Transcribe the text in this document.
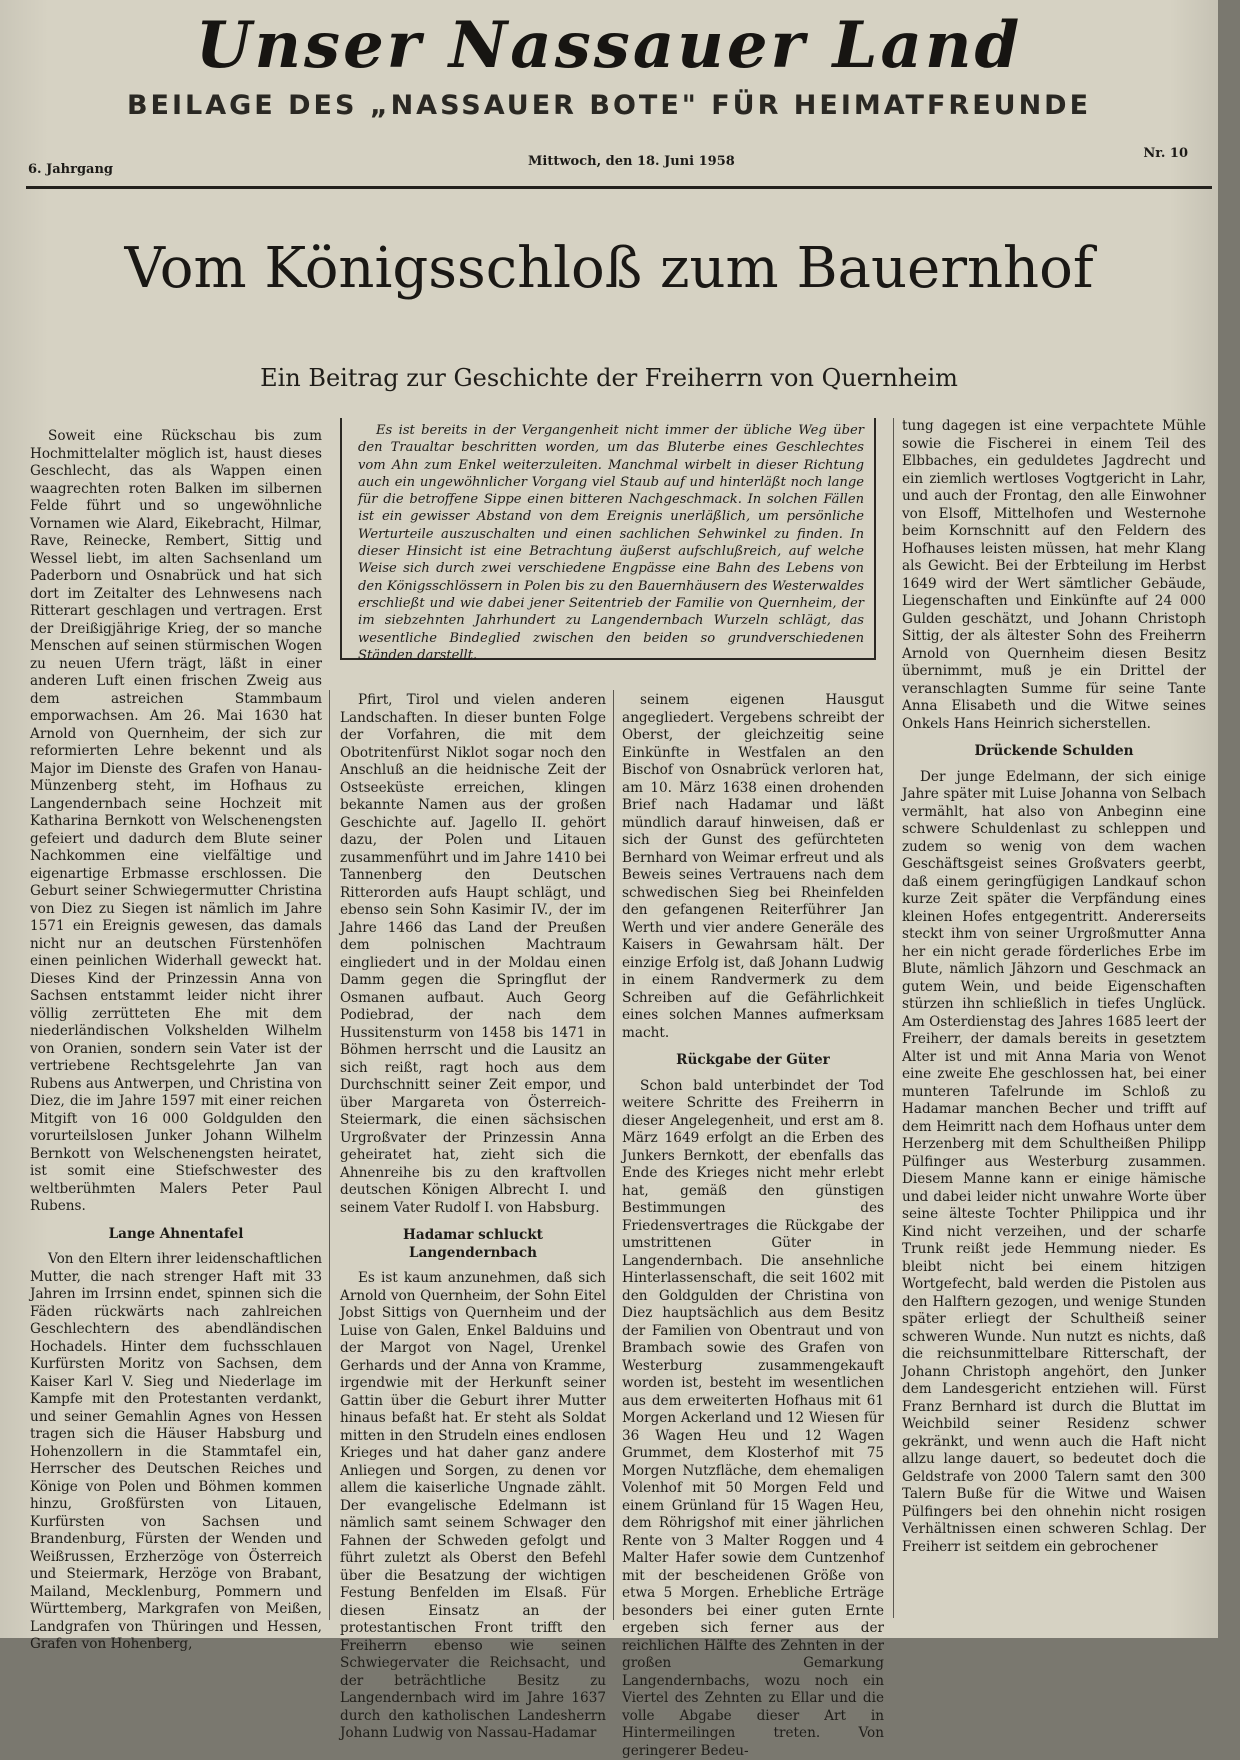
Unser Nassauer Land
BEILAGE DES „NASSAUER BOTE" FÜR HEIMATFREUNDE
6. Jahrgang
Mittwoch, den 18. Juni 1958
Nr. 10
Vom Königsschloß zum Bauernhof
Ein Beitrag zur Geschichte der Freiherrn von Quernheim

Es ist bereits in der Vergangenheit nicht immer der übliche Weg über den Traualtar beschritten worden, um das Bluterbe eines Geschlechtes vom Ahn zum Enkel weiterzuleiten. Manchmal wirbelt in dieser Richtung auch ein ungewöhnlicher Vorgang viel Staub auf und hinterläßt noch lange für die betroffene Sippe einen bitteren Nachgeschmack. In solchen Fällen ist ein gewisser Abstand von dem Ereignis unerläßlich, um persönliche Werturteile auszuschalten und einen sachlichen Sehwinkel zu finden. In dieser Hinsicht ist eine Betrachtung äußerst aufschlußreich, auf welche Weise sich durch zwei verschiedene Engpässe eine Bahn des Lebens von den Königsschlössern in Polen bis zu den Bauernhäusern des Westerwaldes erschließt und wie dabei jener Seitentrieb der Familie von Quernheim, der im siebzehnten Jahrhundert zu Langendernbach Wurzeln schlägt, das wesentliche Bindeglied zwischen den beiden so grundverschiedenen Ständen darstellt.

Soweit eine Rückschau bis zum Hochmittelalter möglich ist, haust dieses Geschlecht, das als Wappen einen waagrechten roten Balken im silbernen Felde führt und so ungewöhnliche Vornamen wie Alard, Eikebracht, Hilmar, Rave, Reinecke, Rembert, Sittig und Wessel liebt, im alten Sachsenland um Paderborn und Osnabrück und hat sich dort im Zeitalter des Lehnwesens nach Ritterart geschlagen und vertragen. Erst der Dreißigjährige Krieg, der so manche Menschen auf seinen stürmischen Wogen zu neuen Ufern trägt, läßt in einer anderen Luft einen frischen Zweig aus dem astreichen Stammbaum emporwachsen. Am 26. Mai 1630 hat Arnold von Quernheim, der sich zur reformierten Lehre bekennt und als Major im Dienste des Grafen von Hanau-Münzenberg steht, im Hofhaus zu Langendernbach seine Hochzeit mit Katharina Bernkott von Welschenengsten gefeiert und dadurch dem Blute seiner Nachkommen eine vielfältige und eigenartige Erbmasse erschlossen. Die Geburt seiner Schwiegermutter Christina von Diez zu Siegen ist nämlich im Jahre 1571 ein Ereignis gewesen, das damals nicht nur an deutschen Fürstenhöfen einen peinlichen Widerhall geweckt hat. Dieses Kind der Prinzessin Anna von Sachsen entstammt leider nicht ihrer völlig zerrütteten Ehe mit dem niederländischen Volkshelden Wilhelm von Oranien, sondern sein Vater ist der vertriebene Rechtsgelehrte Jan van Rubens aus Antwerpen, und Christina von Diez, die im Jahre 1597 mit einer reichen Mitgift von 16 000 Goldgulden den vorurteilslosen Junker Johann Wilhelm Bernkott von Welschenengsten heiratet, ist somit eine Stiefschwester des weltberühmten Malers Peter Paul Rubens.

Lange Ahnentafel

Von den Eltern ihrer leidenschaftlichen Mutter, die nach strenger Haft mit 33 Jahren im Irrsinn endet, spinnen sich die Fäden rückwärts nach zahlreichen Geschlechtern des abendländischen Hochadels. Hinter dem fuchsschlauen Kurfürsten Moritz von Sachsen, dem Kaiser Karl V. Sieg und Niederlage im Kampfe mit den Protestanten verdankt, und seiner Gemahlin Agnes von Hessen tragen sich die Häuser Habsburg und Hohenzollern in die Stammtafel ein, Herrscher des Deutschen Reiches und Könige von Polen und Böhmen kommen hinzu, Großfürsten von Litauen, Kurfürsten von Sachsen und Brandenburg, Fürsten der Wenden und Weißrussen, Erzherzöge von Österreich und Steiermark, Herzöge von Brabant, Mailand, Mecklenburg, Pommern und Württemberg, Markgrafen von Meißen, Landgrafen von Thüringen und Hessen, Grafen von Hohenberg,

Pfirt, Tirol und vielen anderen Landschaften. In dieser bunten Folge der Vorfahren, die mit dem Obotritenfürst Niklot sogar noch den Anschluß an die heidnische Zeit der Ostseeküste erreichen, klingen bekannte Namen aus der großen Geschichte auf. Jagello II. gehört dazu, der Polen und Litauen zusammenführt und im Jahre 1410 bei Tannenberg den Deutschen Ritterorden aufs Haupt schlägt, und ebenso sein Sohn Kasimir IV., der im Jahre 1466 das Land der Preußen dem polnischen Machtraum eingliedert und in der Moldau einen Damm gegen die Springflut der Osmanen aufbaut. Auch Georg Podiebrad, der nach dem Hussitensturm von 1458 bis 1471 in Böhmen herrscht und die Lausitz an sich reißt, ragt hoch aus dem Durchschnitt seiner Zeit empor, und über Margareta von Österreich-Steiermark, die einen sächsischen Urgroßvater der Prinzessin Anna geheiratet hat, zieht sich die Ahnenreihe bis zu den kraftvollen deutschen Königen Albrecht I. und seinem Vater Rudolf I. von Habsburg.

Hadamar schluckt Langendernbach

Es ist kaum anzunehmen, daß sich Arnold von Quernheim, der Sohn Eitel Jobst Sittigs von Quernheim und der Luise von Galen, Enkel Balduins und der Margot von Nagel, Urenkel Gerhards und der Anna von Kramme, irgendwie mit der Herkunft seiner Gattin über die Geburt ihrer Mutter hinaus befaßt hat. Er steht als Soldat mitten in den Strudeln eines endlosen Krieges und hat daher ganz andere Anliegen und Sorgen, zu denen vor allem die kaiserliche Ungnade zählt. Der evangelische Edelmann ist nämlich samt seinem Schwager den Fahnen der Schweden gefolgt und führt zuletzt als Oberst den Befehl über die Besatzung der wichtigen Festung Benfelden im Elsaß. Für diesen Einsatz an der protestantischen Front trifft den Freiherrn ebenso wie seinen Schwiegervater die Reichsacht, und der beträchtliche Besitz zu Langendernbach wird im Jahre 1637 durch den katholischen Landesherrn Johann Ludwig von Nassau-Hadamar

seinem eigenen Hausgut angegliedert. Vergebens schreibt der Oberst, der gleichzeitig seine Einkünfte in Westfalen an den Bischof von Osnabrück verloren hat, am 10. März 1638 einen drohenden Brief nach Hadamar und läßt mündlich darauf hinweisen, daß er sich der Gunst des gefürchteten Bernhard von Weimar erfreut und als Beweis seines Vertrauens nach dem schwedischen Sieg bei Rheinfelden den gefangenen Reiterführer Jan Werth und vier andere Generäle des Kaisers in Gewahrsam hält. Der einzige Erfolg ist, daß Johann Ludwig in einem Randvermerk zu dem Schreiben auf die Gefährlichkeit eines solchen Mannes aufmerksam macht.

Rückgabe der Güter

Schon bald unterbindet der Tod weitere Schritte des Freiherrn in dieser Angelegenheit, und erst am 8. März 1649 erfolgt an die Erben des Junkers Bernkott, der ebenfalls das Ende des Krieges nicht mehr erlebt hat, gemäß den günstigen Bestimmungen des Friedensvertrages die Rückgabe der umstrittenen Güter in Langendernbach. Die ansehnliche Hinterlassenschaft, die seit 1602 mit den Goldgulden der Christina von Diez hauptsächlich aus dem Besitz der Familien von Obentraut und von Brambach sowie des Grafen von Westerburg zusammengekauft worden ist, besteht im wesentlichen aus dem erweiterten Hofhaus mit 61 Morgen Ackerland und 12 Wiesen für 36 Wagen Heu und 12 Wagen Grummet, dem Klosterhof mit 75 Morgen Nutzfläche, dem ehemaligen Volenhof mit 50 Morgen Feld und einem Grünland für 15 Wagen Heu, dem Röhrigshof mit einer jährlichen Rente von 3 Malter Roggen und 4 Malter Hafer sowie dem Cuntzenhof mit der bescheidenen Größe von etwa 5 Morgen. Erhebliche Erträge besonders bei einer guten Ernte ergeben sich ferner aus der reichlichen Hälfte des Zehnten in der großen Gemarkung Langendernbachs, wozu noch ein Viertel des Zehnten zu Ellar und die volle Abgabe dieser Art in Hintermeilingen treten. Von geringerer Bedeu-

tung dagegen ist eine verpachtete Mühle sowie die Fischerei in einem Teil des Elbbaches, ein geduldetes Jagdrecht und ein ziemlich wertloses Vogtgericht in Lahr, und auch der Frontag, den alle Einwohner von Elsoff, Mittelhofen und Westernohe beim Kornschnitt auf den Feldern des Hofhauses leisten müssen, hat mehr Klang als Gewicht. Bei der Erbteilung im Herbst 1649 wird der Wert sämtlicher Gebäude, Liegenschaften und Einkünfte auf 24 000 Gulden geschätzt, und Johann Christoph Sittig, der als ältester Sohn des Freiherrn Arnold von Quernheim diesen Besitz übernimmt, muß je ein Drittel der veranschlagten Summe für seine Tante Anna Elisabeth und die Witwe seines Onkels Hans Heinrich sicherstellen.

Drückende Schulden

Der junge Edelmann, der sich einige Jahre später mit Luise Johanna von Selbach vermählt, hat also von Anbeginn eine schwere Schuldenlast zu schleppen und zudem so wenig von dem wachen Geschäftsgeist seines Großvaters geerbt, daß einem geringfügigen Landkauf schon kurze Zeit später die Verpfändung eines kleinen Hofes entgegentritt. Andererseits steckt ihm von seiner Urgroßmutter Anna her ein nicht gerade förderliches Erbe im Blute, nämlich Jähzorn und Geschmack an gutem Wein, und beide Eigenschaften stürzen ihn schließlich in tiefes Unglück. Am Osterdienstag des Jahres 1685 leert der Freiherr, der damals bereits in gesetztem Alter ist und mit Anna Maria von Wenot eine zweite Ehe geschlossen hat, bei einer munteren Tafelrunde im Schloß zu Hadamar manchen Becher und trifft auf dem Heimritt nach dem Hofhaus unter dem Herzenberg mit dem Schultheißen Philipp Pülfinger aus Westerburg zusammen. Diesem Manne kann er einige hämische und dabei leider nicht unwahre Worte über seine älteste Tochter Philippica und ihr Kind nicht verzeihen, und der scharfe Trunk reißt jede Hemmung nieder. Es bleibt nicht bei einem hitzigen Wortgefecht, bald werden die Pistolen aus den Halftern gezogen, und wenige Stunden später erliegt der Schultheiß seiner schweren Wunde. Nun nutzt es nichts, daß die reichsunmittelbare Ritterschaft, der Johann Christoph angehört, den Junker dem Landesgericht entziehen will. Fürst Franz Bernhard ist durch die Bluttat im Weichbild seiner Residenz schwer gekränkt, und wenn auch die Haft nicht allzu lange dauert, so bedeutet doch die Geldstrafe von 2000 Talern samt den 300 Talern Buße für die Witwe und Waisen Pülfingers bei den ohnehin nicht rosigen Verhältnissen einen schweren Schlag. Der Freiherr ist seitdem ein gebrochener
